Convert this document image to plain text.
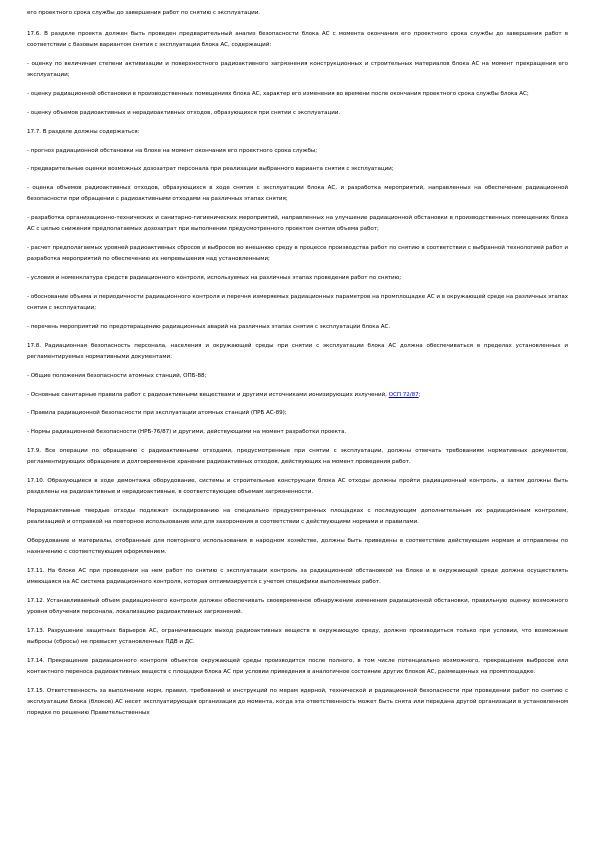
его проектного срока службы до завершения работ по снятию с эксплуатации.

17.6. В разделе проекта должен быть проведен предварительный анализ безопасности блока АС с момента окончания его проектного срока службы до завершения работ в соответствии с базовым вариантом снятия с эксплуатации блока АС, содержащий:

- оценку по величинам степени активизации и поверхностного радиоактивного загрязнения конструкционных и строительных материалов блока АС на момент прекращения его эксплуатации;

- оценку радиационной обстановки в производственных помещениях блока АС, характер его изменения во времени после окончания проектного срока службы блока АС;

- оценку объемов радиоактивных и нерадиоактивных отходов, образующихся при снятии с эксплуатации.

17.7. В разделе должны содержаться:

- прогноз радиационной обстановки на блоке на момент окончания его проектного срока службы;

- предварительные оценки возможных дозозатрат персонала при реализации выбранного варианта снятия с эксплуатации;

- оценка объемов радиоактивных отходов, образующихся в ходе снятия с эксплуатации блока АС, и разработка мероприятий, направленных на обеспечение радиационной безопасности при обращении с радиоактивными отходами на различных этапах снятия;

- разработка организационно-технических и санитарно-гигиенических мероприятий, направленных на улучшение радиационной обстановки в производственных помещениях блока АС с целью снижения предполагаемых дозозатрат при выполнении предусмотренного проектом снятия объема работ;

- расчет предполагаемых уровней радиоактивных сбросов и выбросов во внешнюю среду в процессе производства работ по снятию в соответствии с выбранной технологией работ и разработка мероприятий по обеспечению их непревышения над установленными;

- условия и номенклатура средств радиационного контроля, используемых на различных этапах проведения работ по снятию;

- обоснование объема и периодичности радиационного контроля и перечня измеряемых радиационных параметров на промплощадке АС и в окружающей среде на различных этапах снятия с эксплуатации;

- перечень мероприятий по предотвращению радиационных аварий на различных этапах снятия с эксплуатации блока АС.

17.8. Радиационная безопасность персонала, населения и окружающей среды при снятии с эксплуатации блока АС должна обеспечиваться в пределах установленных и регламентируемых нормативными документами:

- Общие положения безопасности атомных станций, ОПБ-88;

- Основные санитарные правила работ с радиоактивными веществами и другими источниками ионизирующих излучений, ОСП 72/87;

- Правила радиационной безопасности при эксплуатации атомных станций (ПРБ АС-89);

- Нормы радиационной безопасности (НРБ-76/87) и другими, действующими на момент разработки проекта.

17.9. Все операции по обращению с радиоактивными отходами, предусмотренные при снятии с эксплуатации, должны отвечать требованиям нормативных документов, регламентирующих обращение и долговременное хранение радиоактивных отходов, действующих на момент проведения работ.

17.10. Образующиеся в ходе демонтажа оборудование, системы и строительные конструкции блока АС отходы должны пройти радиационный контроль, а затем должны быть разделены на радиоактивные и нерадиоактивные, в соответствующие объемам загрязненности.

Нерадиоактивные твердые отходы подлежат складированию на специально предусмотренных площадках с последующим дополнительным их радиационным контролем, реализацией и отправкой на повторное использование или для захоронения в соответствии с действующими нормами и правилами.

Оборудование и материалы, отобранные для повторного использования в народном хозяйстве, должны быть приведены в соответствие действующим нормам и отправлены по назначению с соответствующим оформлением.

17.11. На блоке АС при проведении на нем работ по снятию с эксплуатации контроль за радиационной обстановкой на блоке и в окружающей среде должна осуществлять имеющаяся на АС система радиационного контроля, которая оптимизируется с учетом специфики выполняемых работ.

17.12. Устанавливаемый объем радиационного контроля должен обеспечивать своевременное обнаружение изменения радиационной обстановки, правильную оценку возможного уровня облучения персонала, локализацию радиоактивных загрязнений.

17.13. Разрушение защитных барьеров АС, ограничивающих выход радиоактивных веществ в окружающую среду, должно производиться только при условии, что возможные выбросы (сбросы) не превысят установленных ПДВ и ДС.

17.14. Прекращение радиационного контроля объектов окружающей среды производится после полного, в том числе потенциально возможного, прекращения выбросов или контактного переноса радиоактивных веществ с площадки блока АС при условии приведения в аналогичное состояние других блоков АС, размещенных на промплощадке.

17.15. Ответственность за выполнение норм, правил, требований и инструкций по мерам ядерной, технической и радиационной безопасности при проведении работ по снятию с эксплуатации блока (блоков) АС несет эксплуатирующая организация до момента, когда эта ответственность может быть снята или передана другой организации в установленном порядке по решению Правительственных
